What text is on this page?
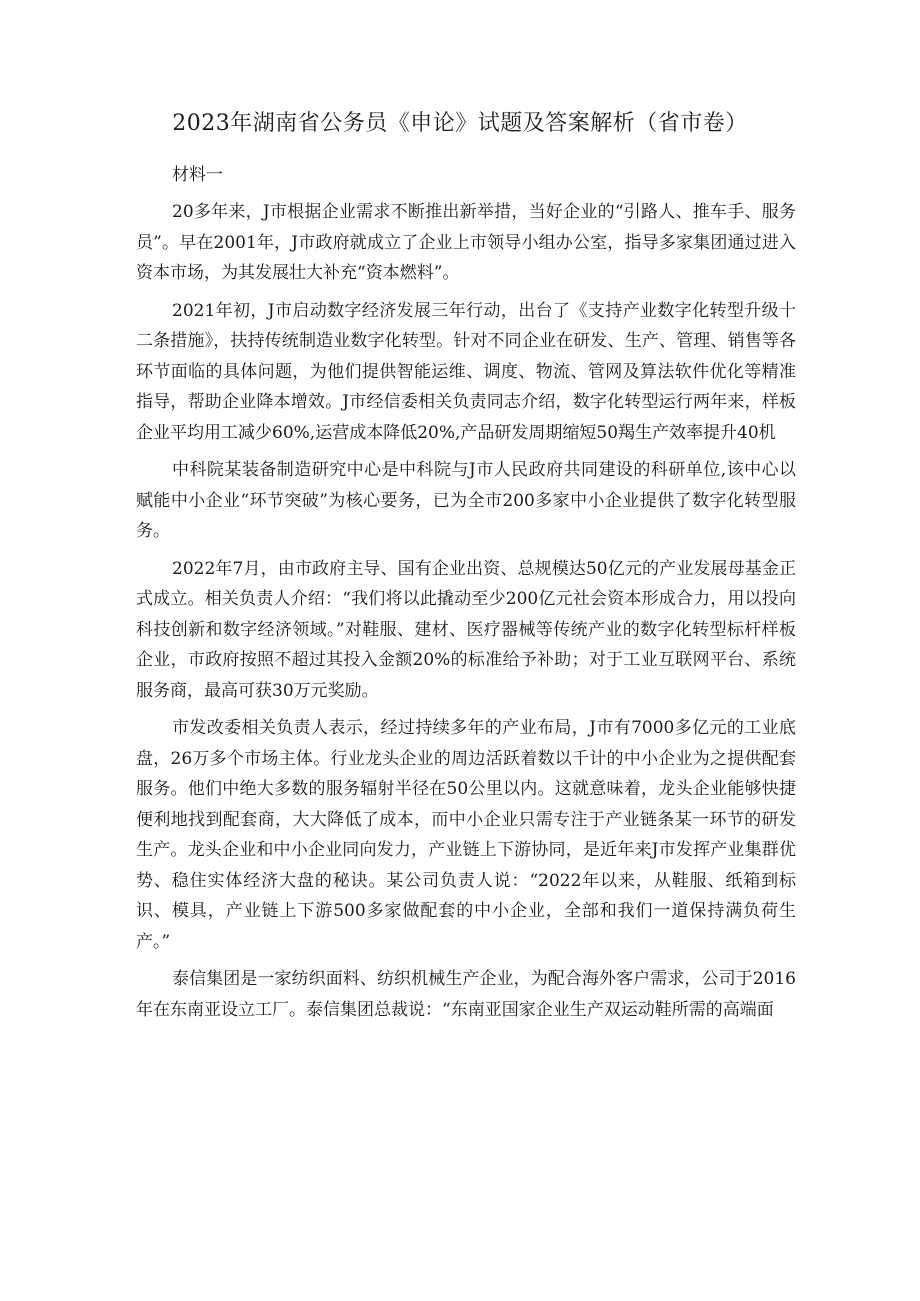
2023年湖南省公务员《申论》试题及答案解析（省市卷）

材料一

20多年来，J市根据企业需求不断推出新举措，当好企业的“引路人、推车手、服务员”。早在2001年，J市政府就成立了企业上市领导小组办公室，指导多家集团通过进入资本市场，为其发展壮大补充“资本燃料”。

2021年初，J市启动数字经济发展三年行动，出台了《支持产业数字化转型升级十二条措施》，扶持传统制造业数字化转型。针对不同企业在研发、生产、管理、销售等各环节面临的具体问题，为他们提供智能运维、调度、物流、管网及算法软件优化等精准指导，帮助企业降本增效。J市经信委相关负责同志介绍，数字化转型运行两年来，样板企业平均用工减少60%,运营成本降低20%,产品研发周期缩短50羯生产效率提升40机

中科院某装备制造研究中心是中科院与J市人民政府共同建设的科研单位,该中心以赋能中小企业“环节突破”为核心要务，已为全市200多家中小企业提供了数字化转型服务。

2022年7月，由市政府主导、国有企业出资、总规模达50亿元的产业发展母基金正式成立。相关负责人介绍：“我们将以此撬动至少200亿元社会资本形成合力，用以投向科技创新和数字经济领域。”对鞋服、建材、医疗器械等传统产业的数字化转型标杆样板企业，市政府按照不超过其投入金额20%的标准给予补助；对于工业互联网平台、系统服务商，最高可获30万元奖励。

市发改委相关负责人表示，经过持续多年的产业布局，J市有7000多亿元的工业底盘，26万多个市场主体。行业龙头企业的周边活跃着数以千计的中小企业为之提供配套服务。他们中绝大多数的服务辐射半径在50公里以内。这就意味着，龙头企业能够快捷便利地找到配套商，大大降低了成本，而中小企业只需专注于产业链条某一环节的研发生产。龙头企业和中小企业同向发力，产业链上下游协同，是近年来J市发挥产业集群优势、稳住实体经济大盘的秘诀。某公司负责人说：“2022年以来，从鞋服、纸箱到标识、模具，产业链上下游500多家做配套的中小企业，全部和我们一道保持满负荷生产。”

泰信集团是一家纺织面料、纺织机械生产企业，为配合海外客户需求，公司于2016年在东南亚设立工厂。泰信集团总裁说：“东南亚国家企业生产双运动鞋所需的高端面
